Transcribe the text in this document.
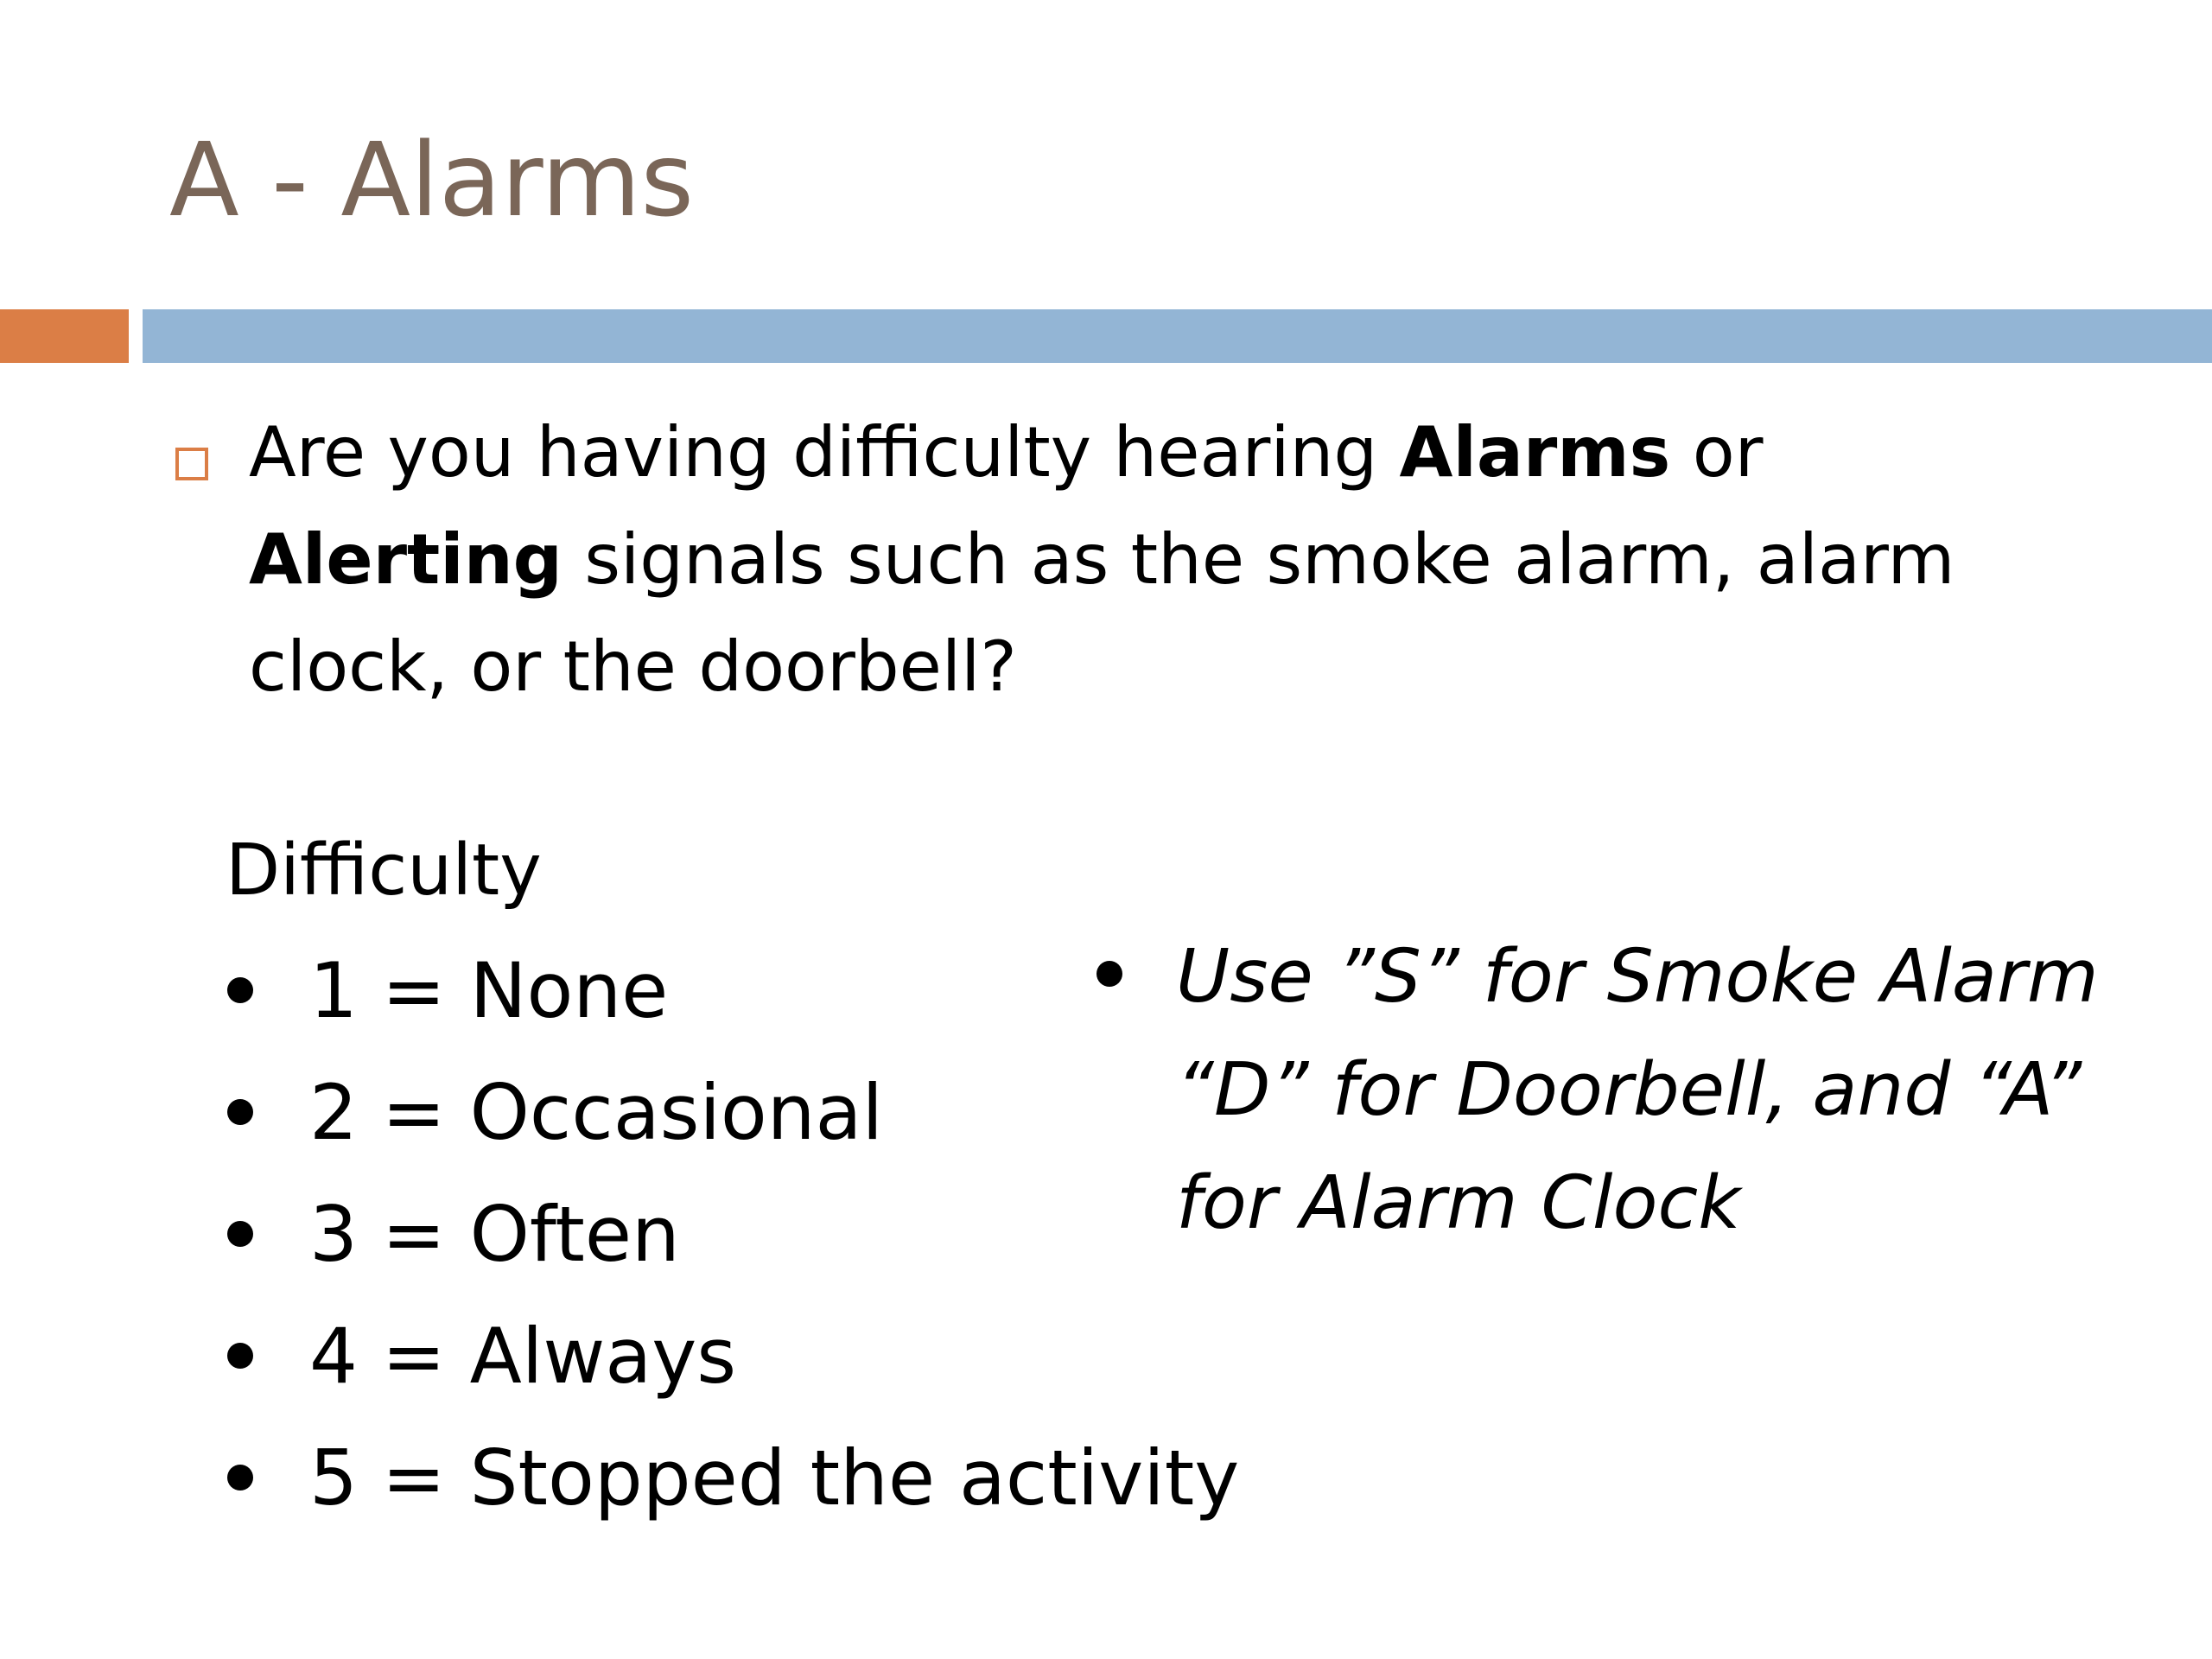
A - Alarms

Are you having difficulty hearing Alarms or
Alerting signals such as the smoke alarm, alarm
clock, or the doorbell?

Difficulty
1 = None
2 = Occasional
3 = Often
4 = Always
5 = Stopped the activity

Use ”S” for Smoke Alarm
“D” for Doorbell, and “A”
for Alarm Clock
